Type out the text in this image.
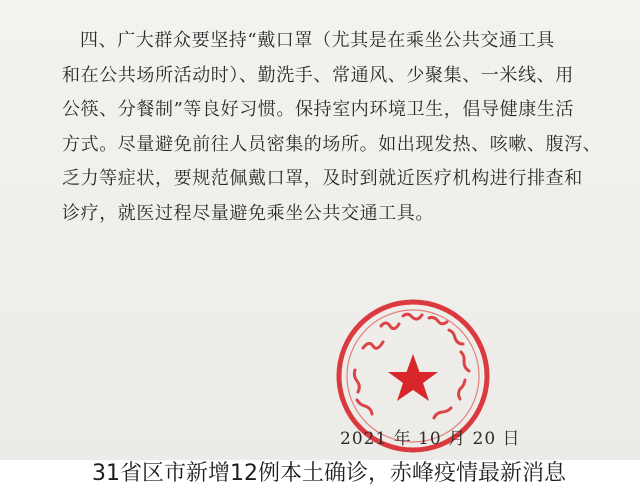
四、广大群众要坚持“戴口罩（尤其是在乘坐公共交通工具
和在公共场所活动时）、勤洗手、常通风、少聚集、一米线、用
公筷、分餐制”等良好习惯。保持室内环境卫生，倡导健康生活
方式。尽量避免前往人员密集的场所。如出现发热、咳嗽、腹泻、
乏力等症状，要规范佩戴口罩，及时到就近医疗机构进行排查和
诊疗，就医过程尽量避免乘坐公共交通工具。
2021 年 10 月 20 日
31省区市新增12例本土确诊，赤峰疫情最新消息
